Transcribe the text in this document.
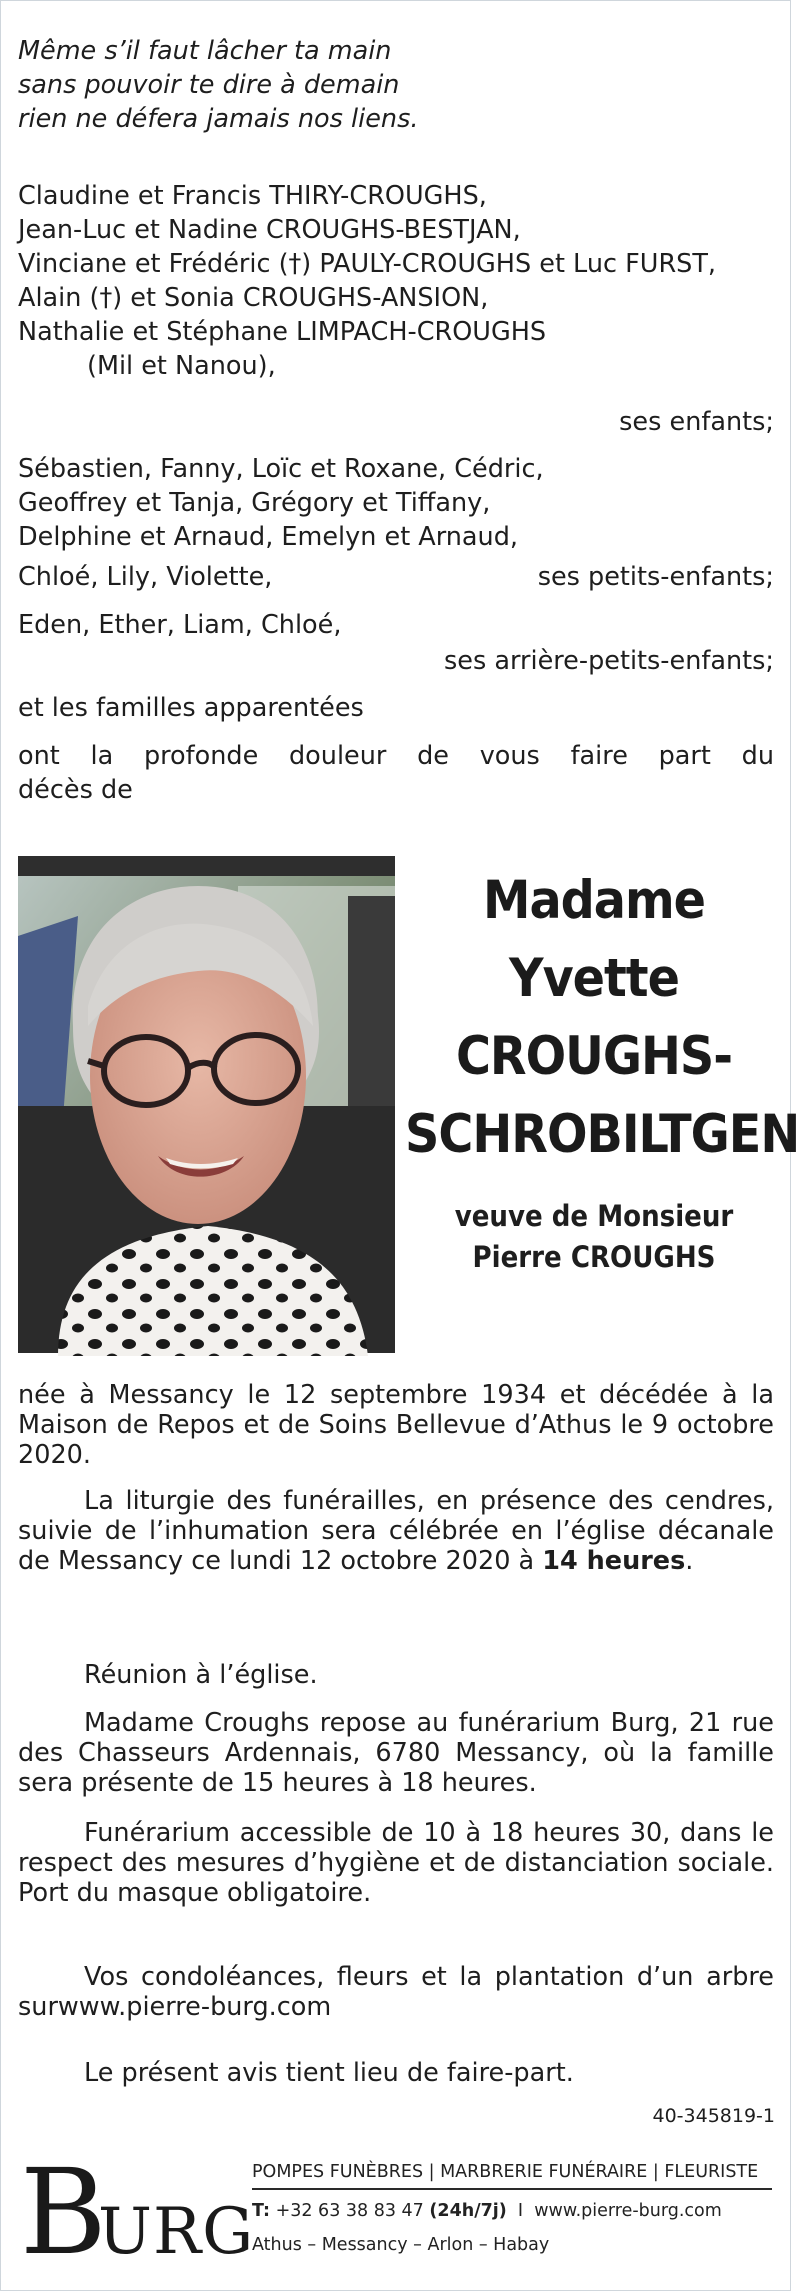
Même s’il faut lâcher ta main

sans pouvoir te dire à demain

rien ne défera jamais nos liens.

Claudine et Francis THIRY-CROUGHS,

Jean-Luc et Nadine CROUGHS-BESTJAN,

Vinciane et Frédéric (†) PAULY-CROUGHS et Luc FURST,

Alain (†) et Sonia CROUGHS-ANSION,

Nathalie et Stéphane LIMPACH-CROUGHS

(Mil et Nanou),

ses enfants;

Sébastien, Fanny, Loïc et Roxane, Cédric,

Geoffrey et Tanja, Grégory et Tiffany,

Delphine et Arnaud, Emelyn et Arnaud,

Chloé, Lily, Violette,	ses petits-enfants;

Eden, Ether, Liam, Chloé,

ses arrière-petits-enfants;

et les familles apparentées

ont la profonde douleur de vous faire part du

décès de

Madame

Yvette

CROUGHS-

SCHROBILTGEN

veuve de Monsieur

Pierre CROUGHS

née à Messancy le 12 septembre 1934 et décédée à la Maison de Repos et de Soins Bellevue d’Athus le 9 octobre 2020.

La liturgie des funérailles, en présence des cendres, suivie de l’inhumation sera célébrée en l’église décanale de Messancy ce lundi 12 octobre 2020 à 14 heures.

Réunion à l’église.

Madame Croughs repose au funérarium Burg, 21 rue des Chasseurs Ardennais, 6780 Messancy, où la famille sera présente de 15 heures à 18 heures.

Funérarium accessible de 10 à 18 heures 30, dans le respect des mesures d’hygiène et de distanciation sociale. Port du masque obligatoire.

Vos condoléances, fleurs et la plantation d’un arbre surwww.pierre-burg.com

Le présent avis tient lieu de faire-part.

40-345819-1

B
URG

POMPES FUNÈBRES | MARBRERIE FUNÉRAIRE | FLEURISTE

T: +32 63 38 83 47 (24h/7j) I www.pierre-burg.com

Athus – Messancy – Arlon – Habay
